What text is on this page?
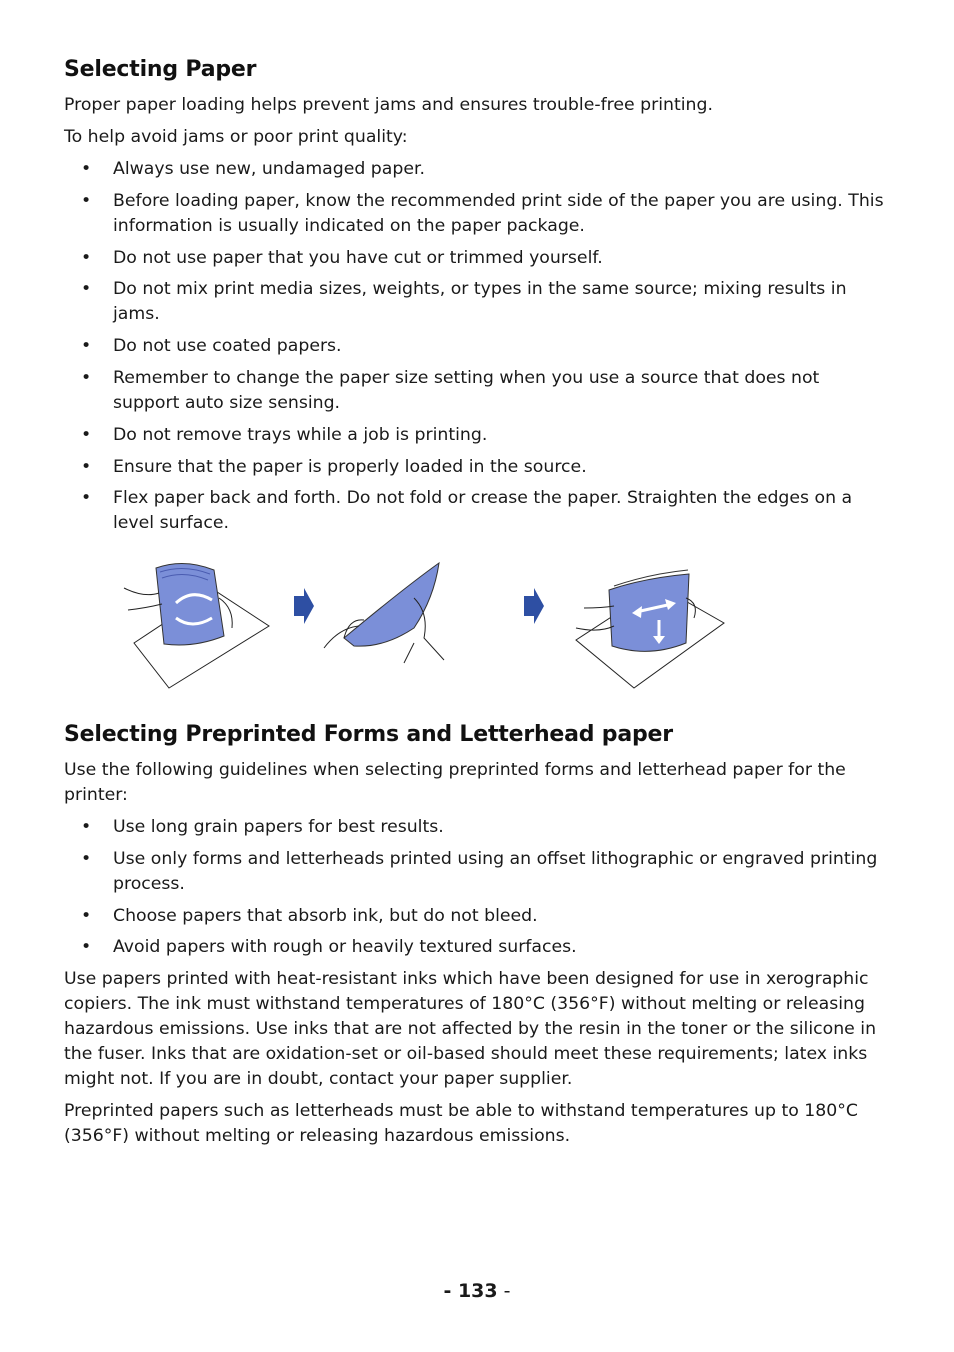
Selecting Paper

Proper paper loading helps prevent jams and ensures trouble-free printing.

To help avoid jams or poor print quality:

• Always use new, undamaged paper.
• Before loading paper, know the recommended print side of the paper you are using. This information is usually indicated on the paper package.
• Do not use paper that you have cut or trimmed yourself.
• Do not mix print media sizes, weights, or types in the same source; mixing results in jams.
• Do not use coated papers.
• Remember to change the paper size setting when you use a source that does not support auto size sensing.
• Do not remove trays while a job is printing.
• Ensure that the paper is properly loaded in the source.
• Flex paper back and forth. Do not fold or crease the paper. Straighten the edges on a level surface.
Selecting Preprinted Forms and Letterhead paper

Use the following guidelines when selecting preprinted forms and letterhead paper for the printer:

• Use long grain papers for best results.
• Use only forms and letterheads printed using an offset lithographic or engraved printing process.
• Choose papers that absorb ink, but do not bleed.
• Avoid papers with rough or heavily textured surfaces.

Use papers printed with heat-resistant inks which have been designed for use in xerographic copiers. The ink must withstand temperatures of 180°C (356°F) without melting or releasing hazardous emissions. Use inks that are not affected by the resin in the toner or the silicone in the fuser. Inks that are oxidation-set or oil-based should meet these requirements; latex inks might not. If you are in doubt, contact your paper supplier.

Preprinted papers such as letterheads must be able to withstand temperatures up to 180°C (356°F) without melting or releasing hazardous emissions.

- 133 -
